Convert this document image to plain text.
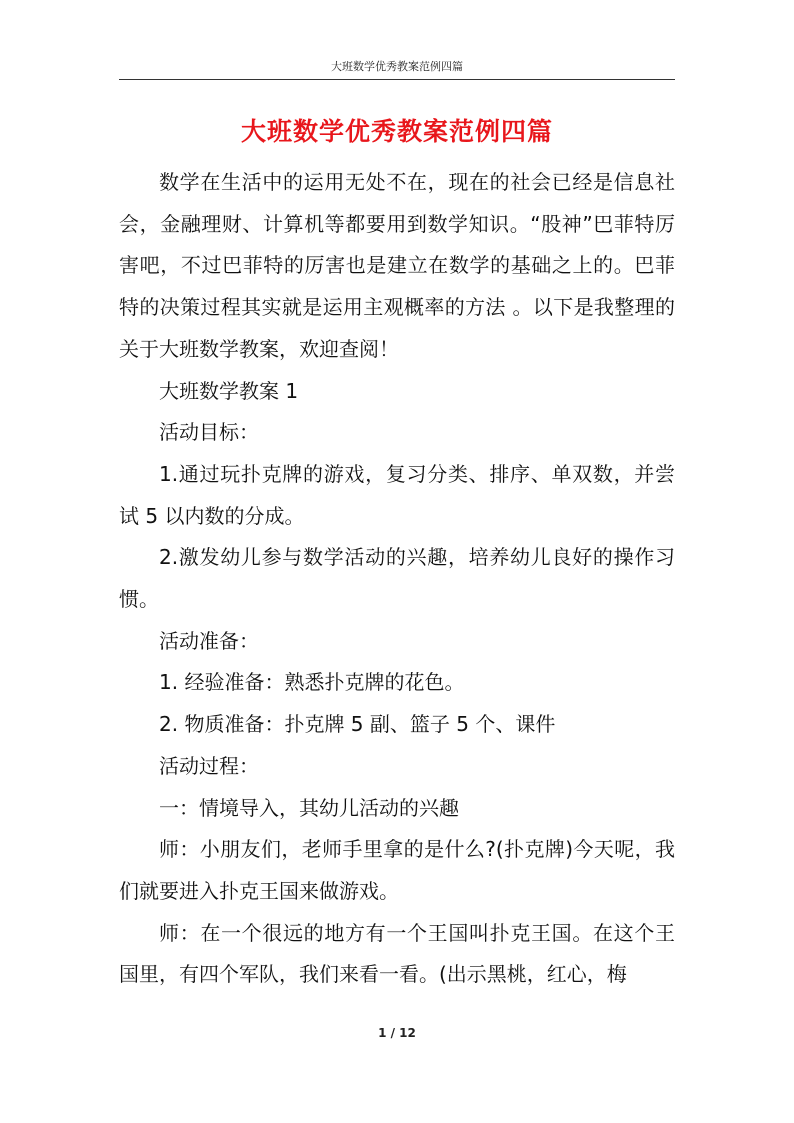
大班数学优秀教案范例四篇
大班数学优秀教案范例四篇

数学在生活中的运用无处不在，现在的社会已经是信息社会，金融理财、计算机等都要用到数学知识。“股神”巴菲特厉害吧，不过巴菲特的厉害也是建立在数学的基础之上的。巴菲特的决策过程其实就是运用主观概率的方法 。以下是我整理的关于大班数学教案，欢迎查阅！

大班数学教案 1

活动目标：

1.通过玩扑克牌的游戏，复习分类、排序、单双数，并尝试 5 以内数的分成。

2.激发幼儿参与数学活动的兴趣，培养幼儿良好的操作习惯。

活动准备：

1. 经验准备：熟悉扑克牌的花色。

2. 物质准备：扑克牌 5 副、篮子 5 个、课件

活动过程：

一：情境导入，其幼儿活动的兴趣

师：小朋友们，老师手里拿的是什么?(扑克牌)今天呢，我们就要进入扑克王国来做游戏。

师：在一个很远的地方有一个王国叫扑克王国。在这个王国里，有四个军队，我们来看一看。(出示黑桃，红心，梅

1 / 12
